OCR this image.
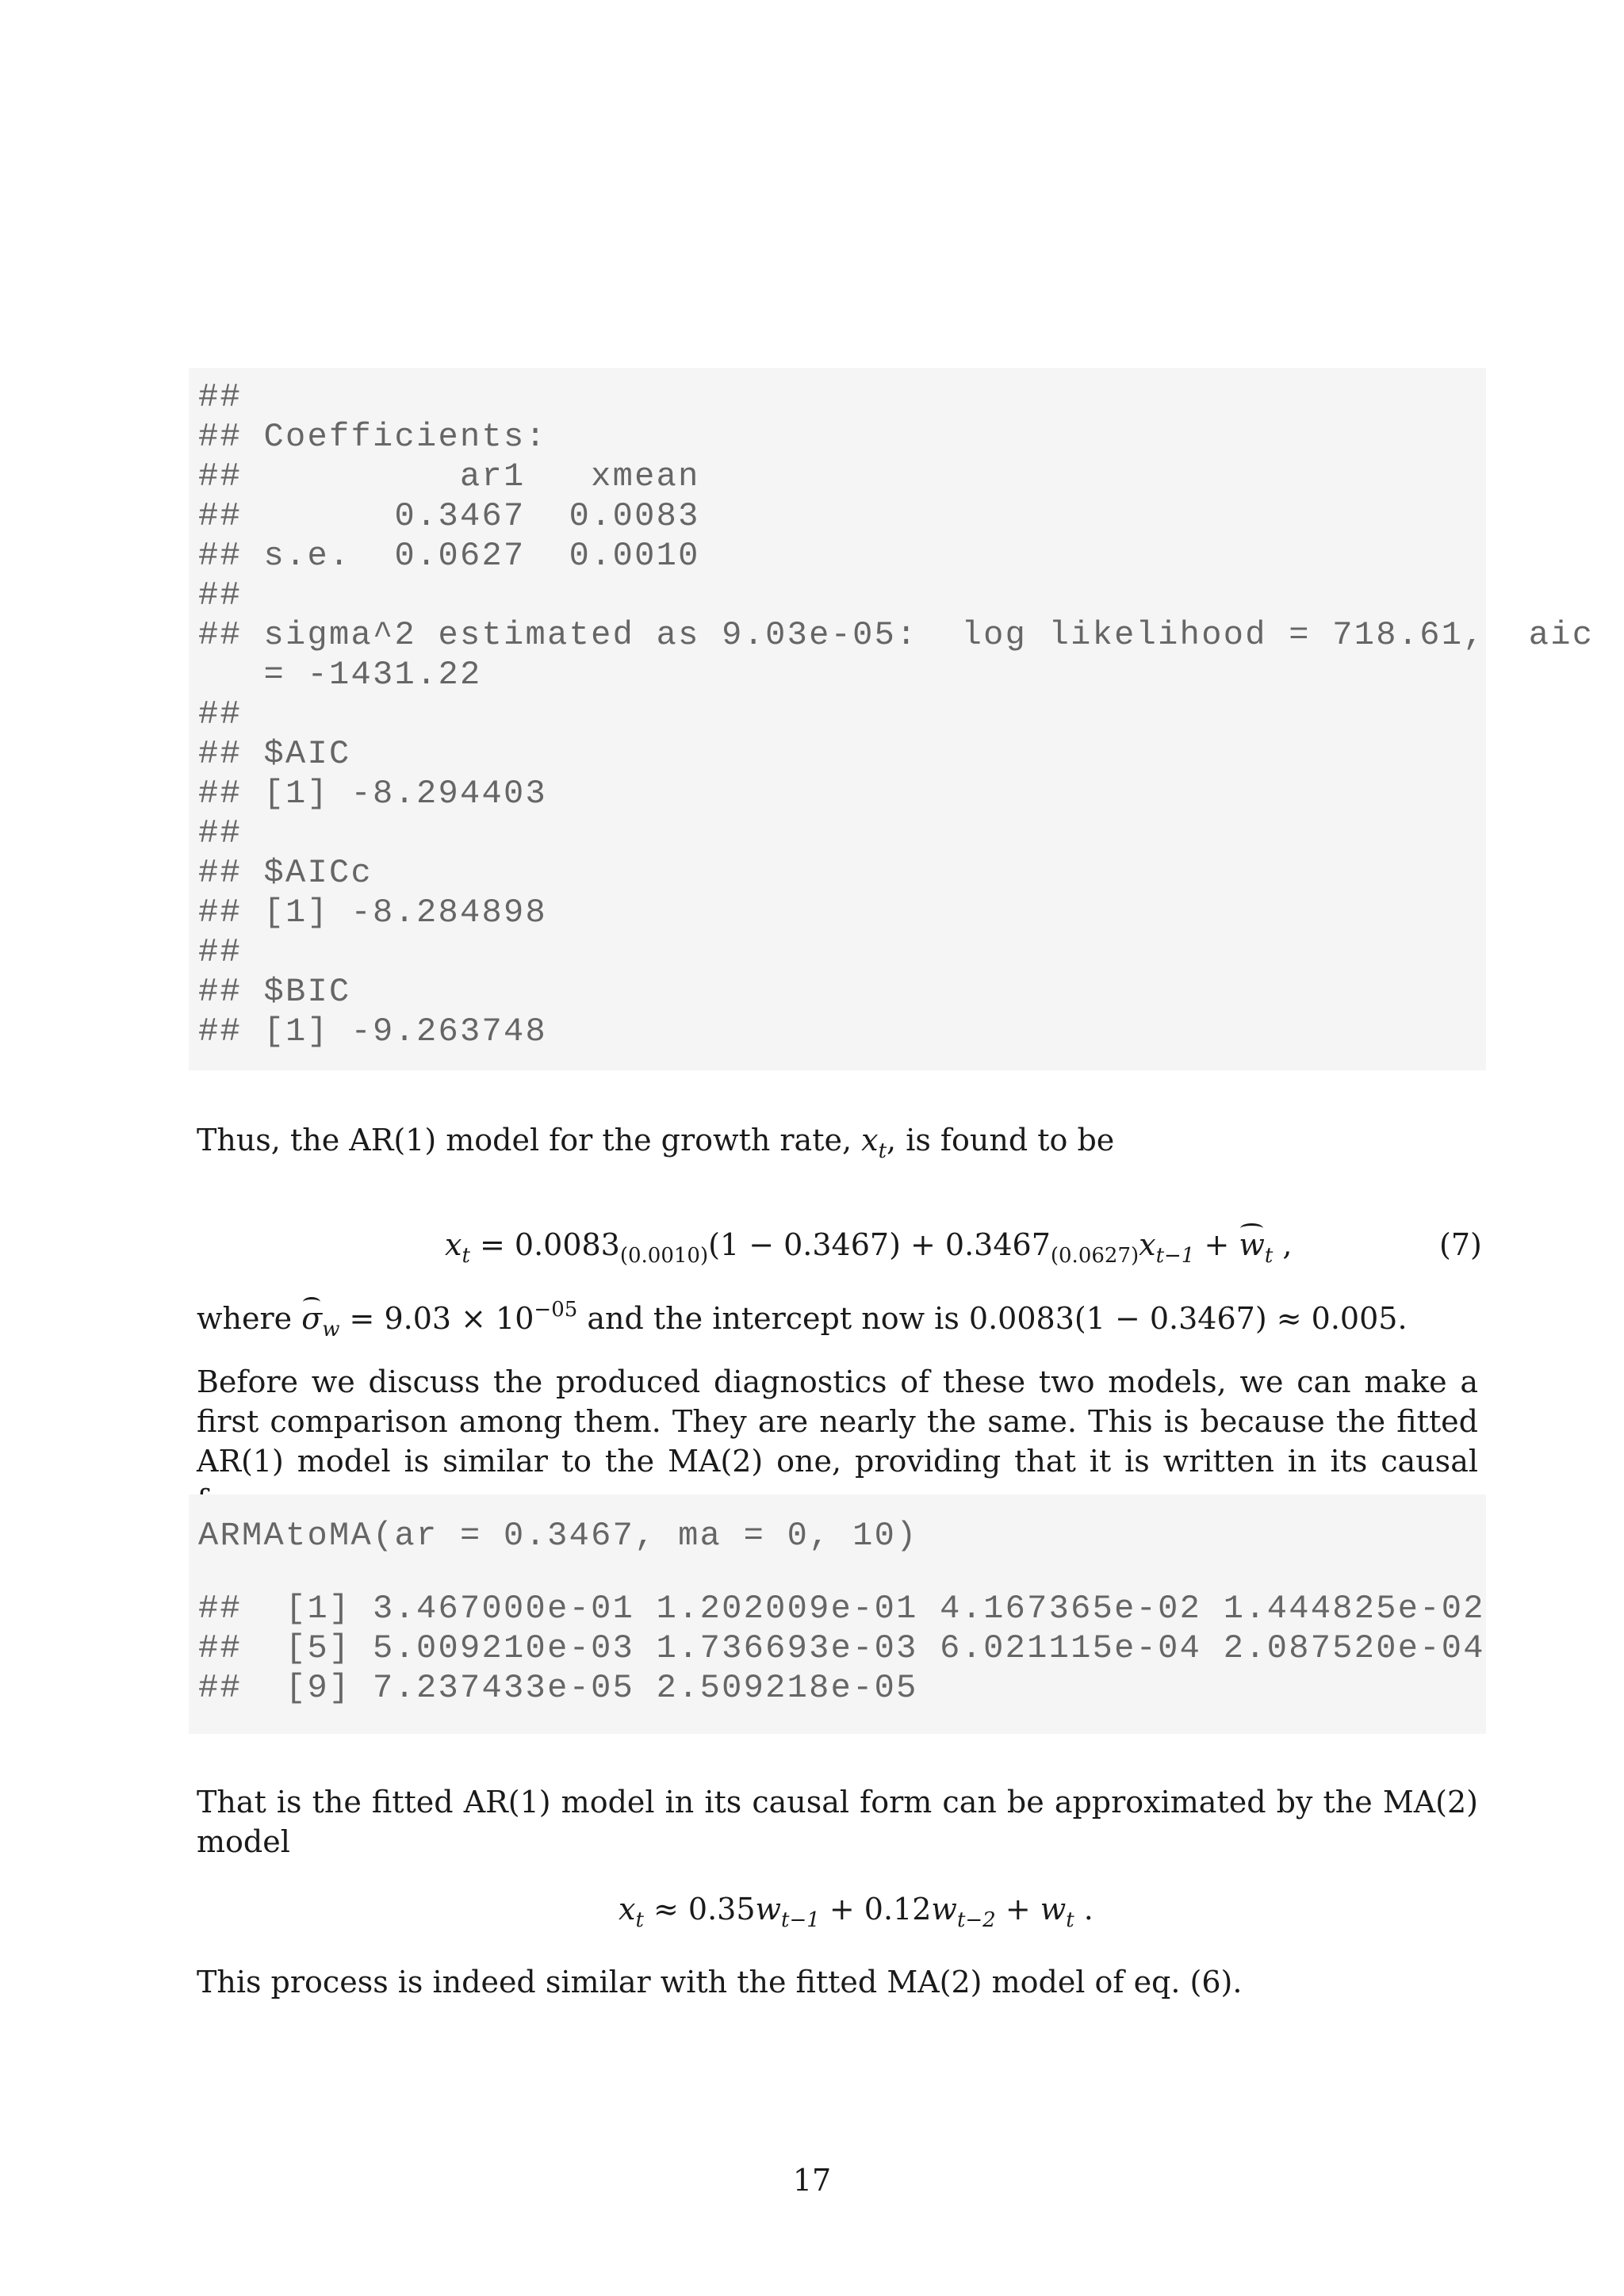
##
## Coefficients:
##          ar1   xmean
##       0.3467  0.0083
## s.e.  0.0627  0.0010
##
## sigma^2 estimated as 9.03e-05:  log likelihood = 718.61,  aic
= -1431.22
##
## $AIC
## [1] -8.294403
##
## $AICc
## [1] -8.284898
##
## $BIC
## [1] -9.263748
Thus, the AR(1) model for the growth rate, $x_t$, is found to be
$x_t = 0.0083_{(0.0010)}(1 - 0.3467) + 0.3467_{(0.0627)}x_{t-1} + w_t$ ,	(7)
where $\sigma_w = 9.03 \times 10^{-05}$ and the intercept now is 0.0083(1 − 0.3467) ≈ 0.005.
Before we discuss the produced diagnostics of these two models, we can make a first comparison among them. They are nearly the same. This is because the fitted AR(1) model is similar to the MA(2) one, providing that it is written in its causal
ARMAtoMA(ar = 0.3467, ma = 0, 10)
##  [1] 3.467000e-01 1.202009e-01 4.167365e-02 1.444825e-02
##  [5] 5.009210e-03 1.736693e-03 6.021115e-04 2.087520e-04
##  [9] 7.237433e-05 2.509218e-05
That is the fitted AR(1) model in its causal form can be approximated by the MA(2) model
$x_t \approx 0.35w_{t-1} + 0.12w_{t-2} + w_t$ .
This process is indeed similar with the fitted MA(2) model of eq. (6).
17
